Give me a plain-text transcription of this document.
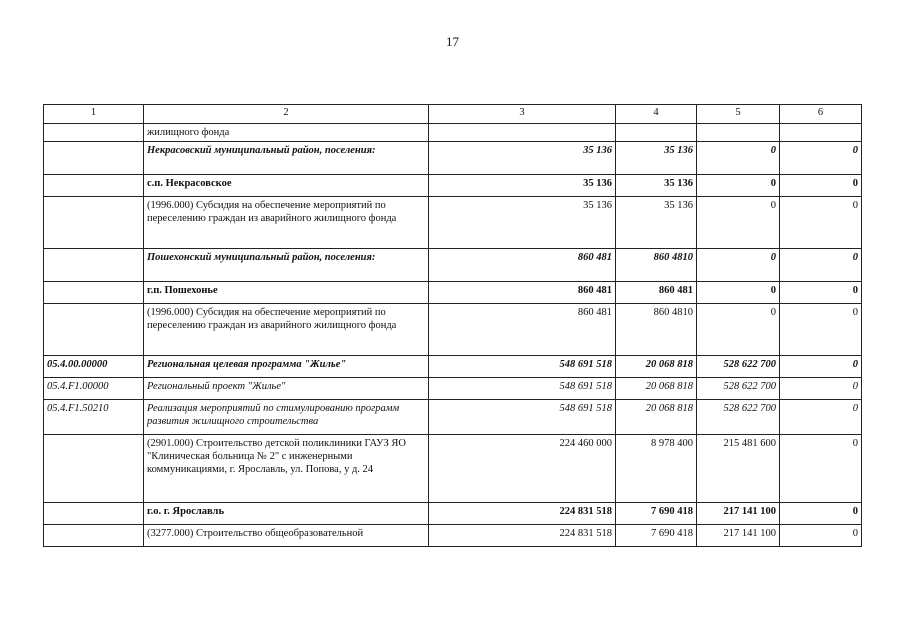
17
1	2	3	4	5	6
	жилищного фонда				
	Некрасовский муниципальный район, поселения:	35 136	35 136	0	0
	с.п. Некрасовское	35 136	35 136	0	0
	(1996.000) Субсидия на обеспечение мероприятий по переселению граждан из аварийного жилищного фонда	35 136	35 136	0	0
	Пошехонский муниципальный район, поселения:	860 481	860 4810	0	0
	г.п. Пошехонье	860 481	860 481	0	0
	(1996.000) Субсидия на обеспечение мероприятий по переселению граждан из аварийного жилищного фонда	860 481	860 4810	0	0
05.4.00.00000	Региональная целевая программа "Жилье"	548 691 518	20 068 818	528 622 700	0
05.4.F1.00000	Региональный проект "Жилье"	548 691 518	20 068 818	528 622 700	0
05.4.F1.50210	Реализация мероприятий по стимулированию программ развития жилищного строительства	548 691 518	20 068 818	528 622 700	0
	(2901.000) Строительство детской поликлиники ГАУЗ ЯО "Клиническая больница № 2" с инженерными коммуникациями, г. Ярославль, ул. Попова, у д. 24	224 460 000	8 978 400	215 481 600	0
	г.о. г. Ярославль	224 831 518	7 690 418	217 141 100	0
	(3277.000) Строительство общеобразовательной	224 831 518	7 690 418	217 141 100	0
